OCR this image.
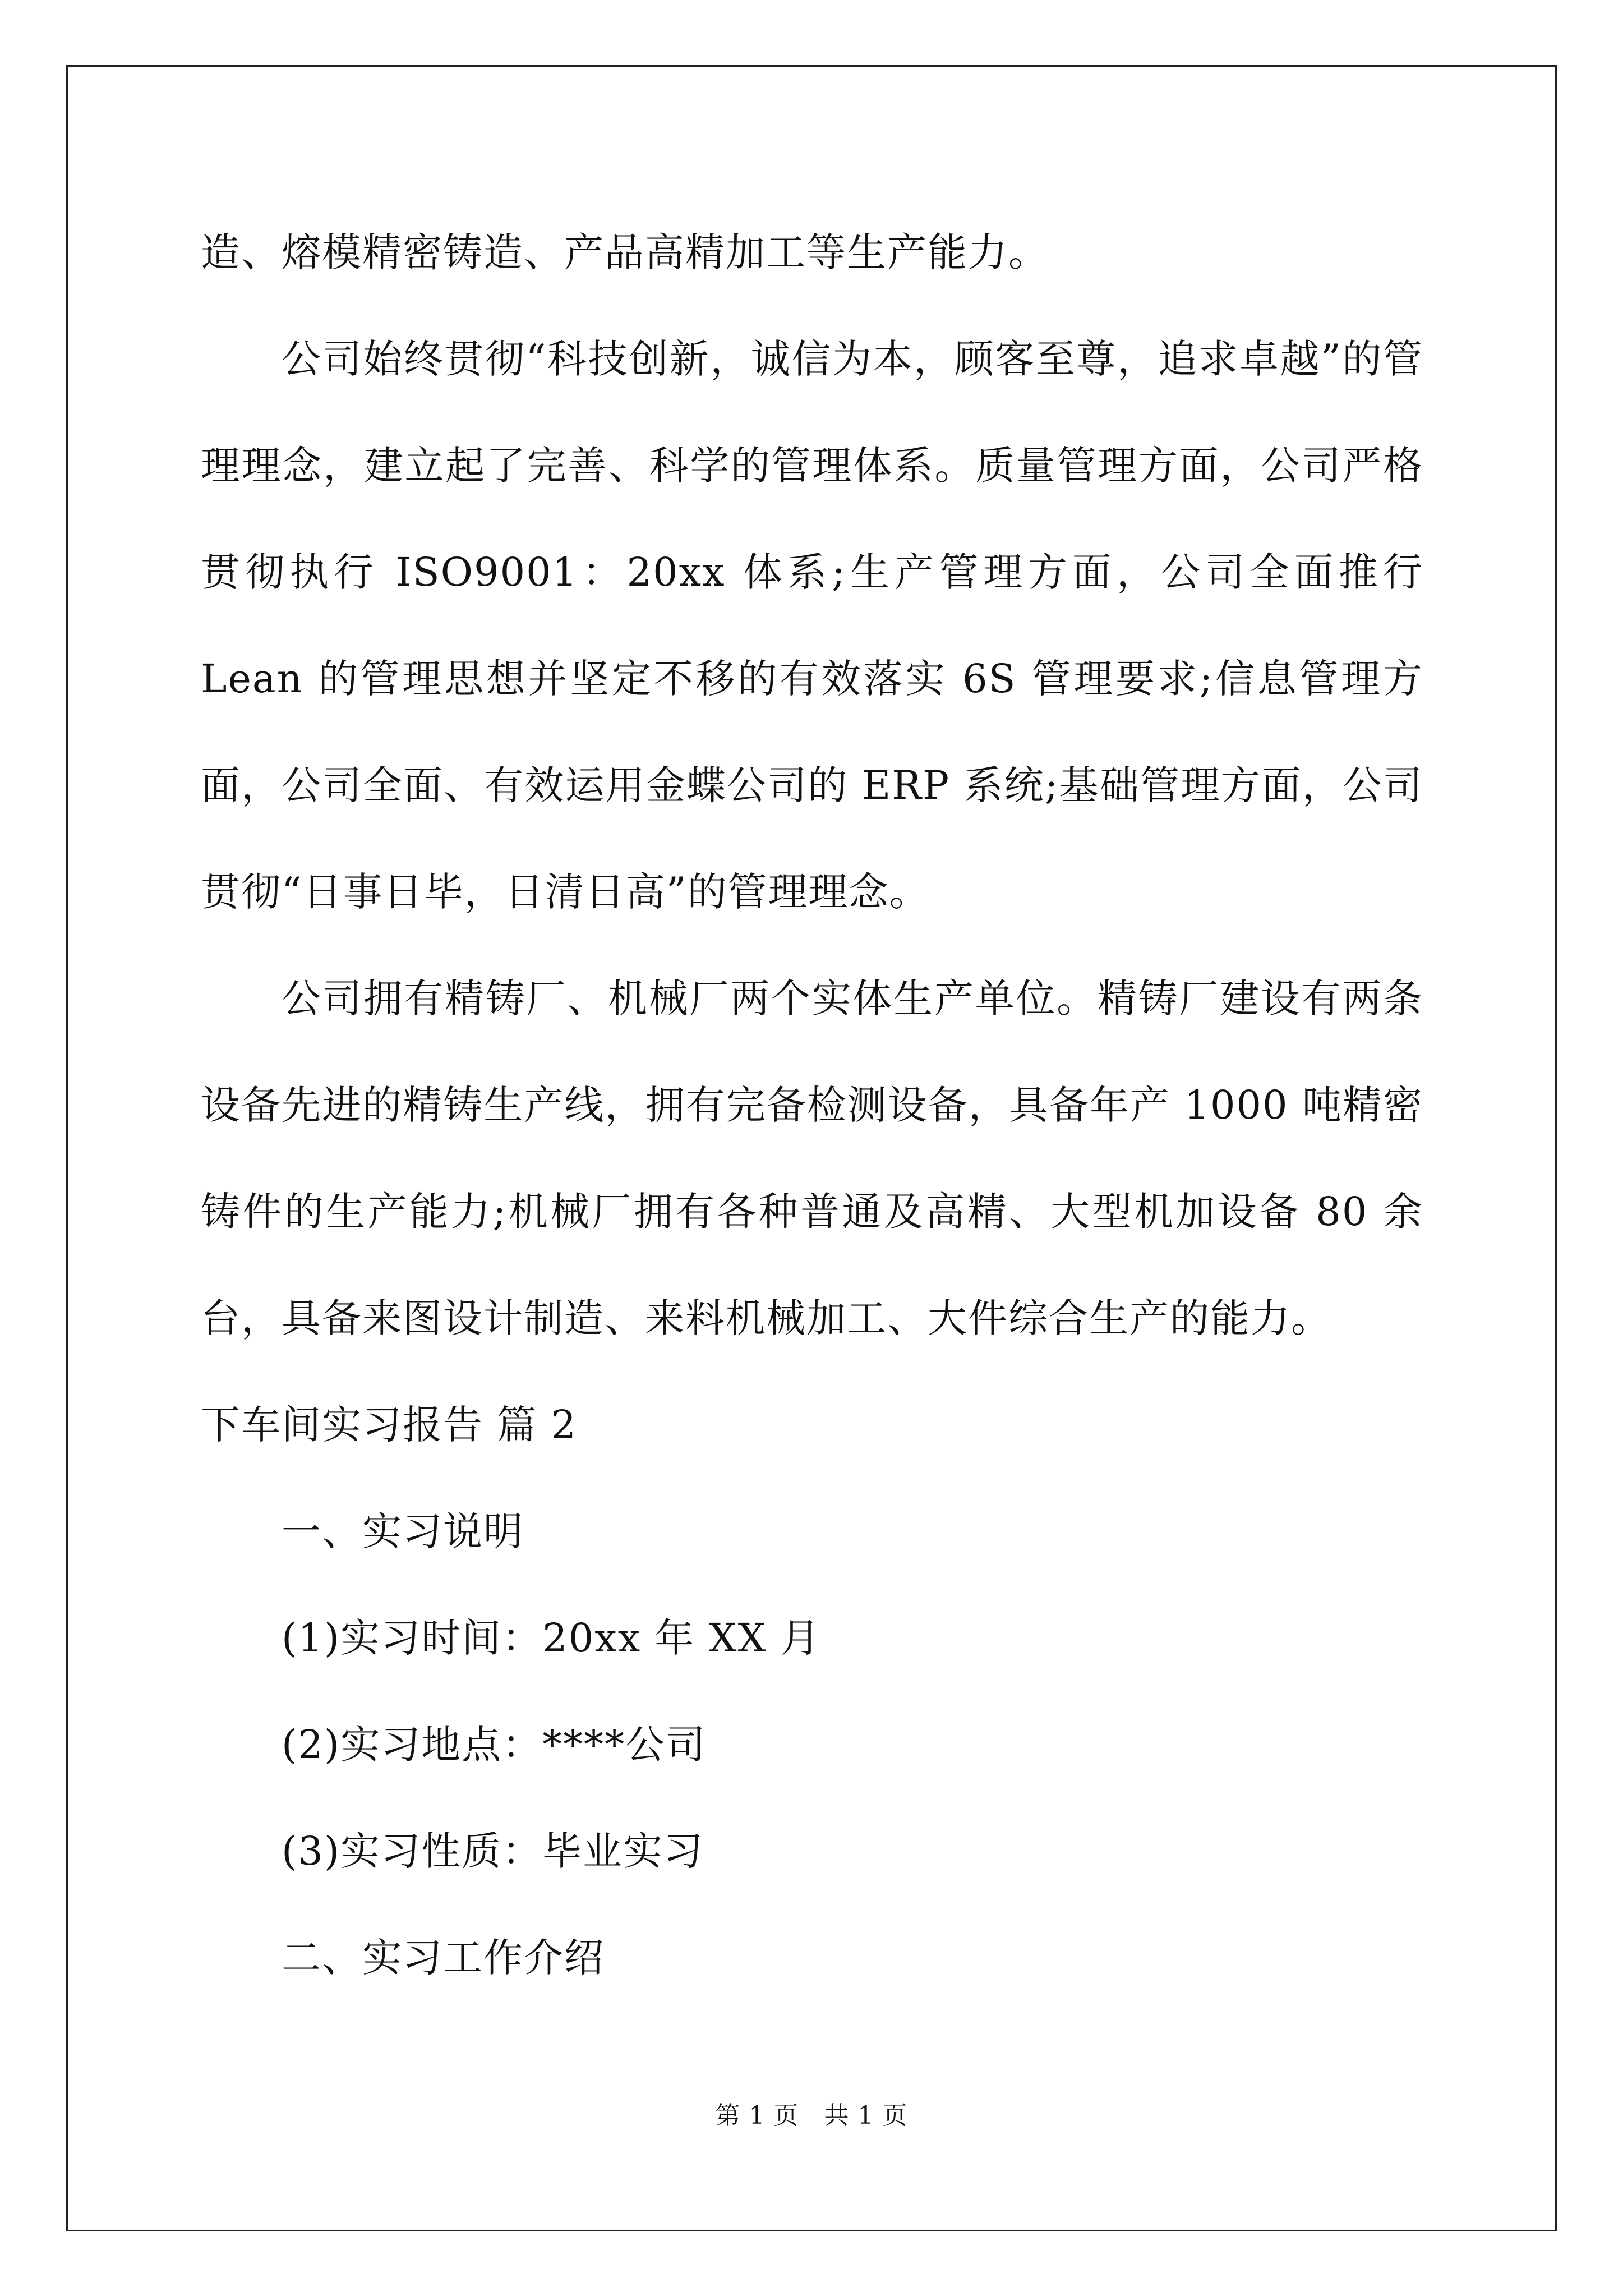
造、熔模精密铸造、产品高精加工等生产能力。

公司始终贯彻“科技创新，诚信为本，顾客至尊，追求卓越”的管理理念，建立起了完善、科学的管理体系。质量管理方面，公司严格贯彻执行 ISO9001：20xx 体系;生产管理方面，公司全面推行 Lean 的管理思想并坚定不移的有效落实 6S 管理要求;信息管理方面，公司全面、有效运用金蝶公司的 ERP 系统;基础管理方面，公司贯彻“日事日毕，日清日高”的管理理念。

公司拥有精铸厂、机械厂两个实体生产单位。精铸厂建设有两条设备先进的精铸生产线，拥有完备检测设备，具备年产 1000 吨精密铸件的生产能力;机械厂拥有各种普通及高精、大型机加设备 80 余台，具备来图设计制造、来料机械加工、大件综合生产的能力。

下车间实习报告 篇 2

一、实习说明

(1)实习时间：20xx 年 XX 月

(2)实习地点：****公司

(3)实习性质：毕业实习

二、实习工作介绍

第 1 页　共 1 页
